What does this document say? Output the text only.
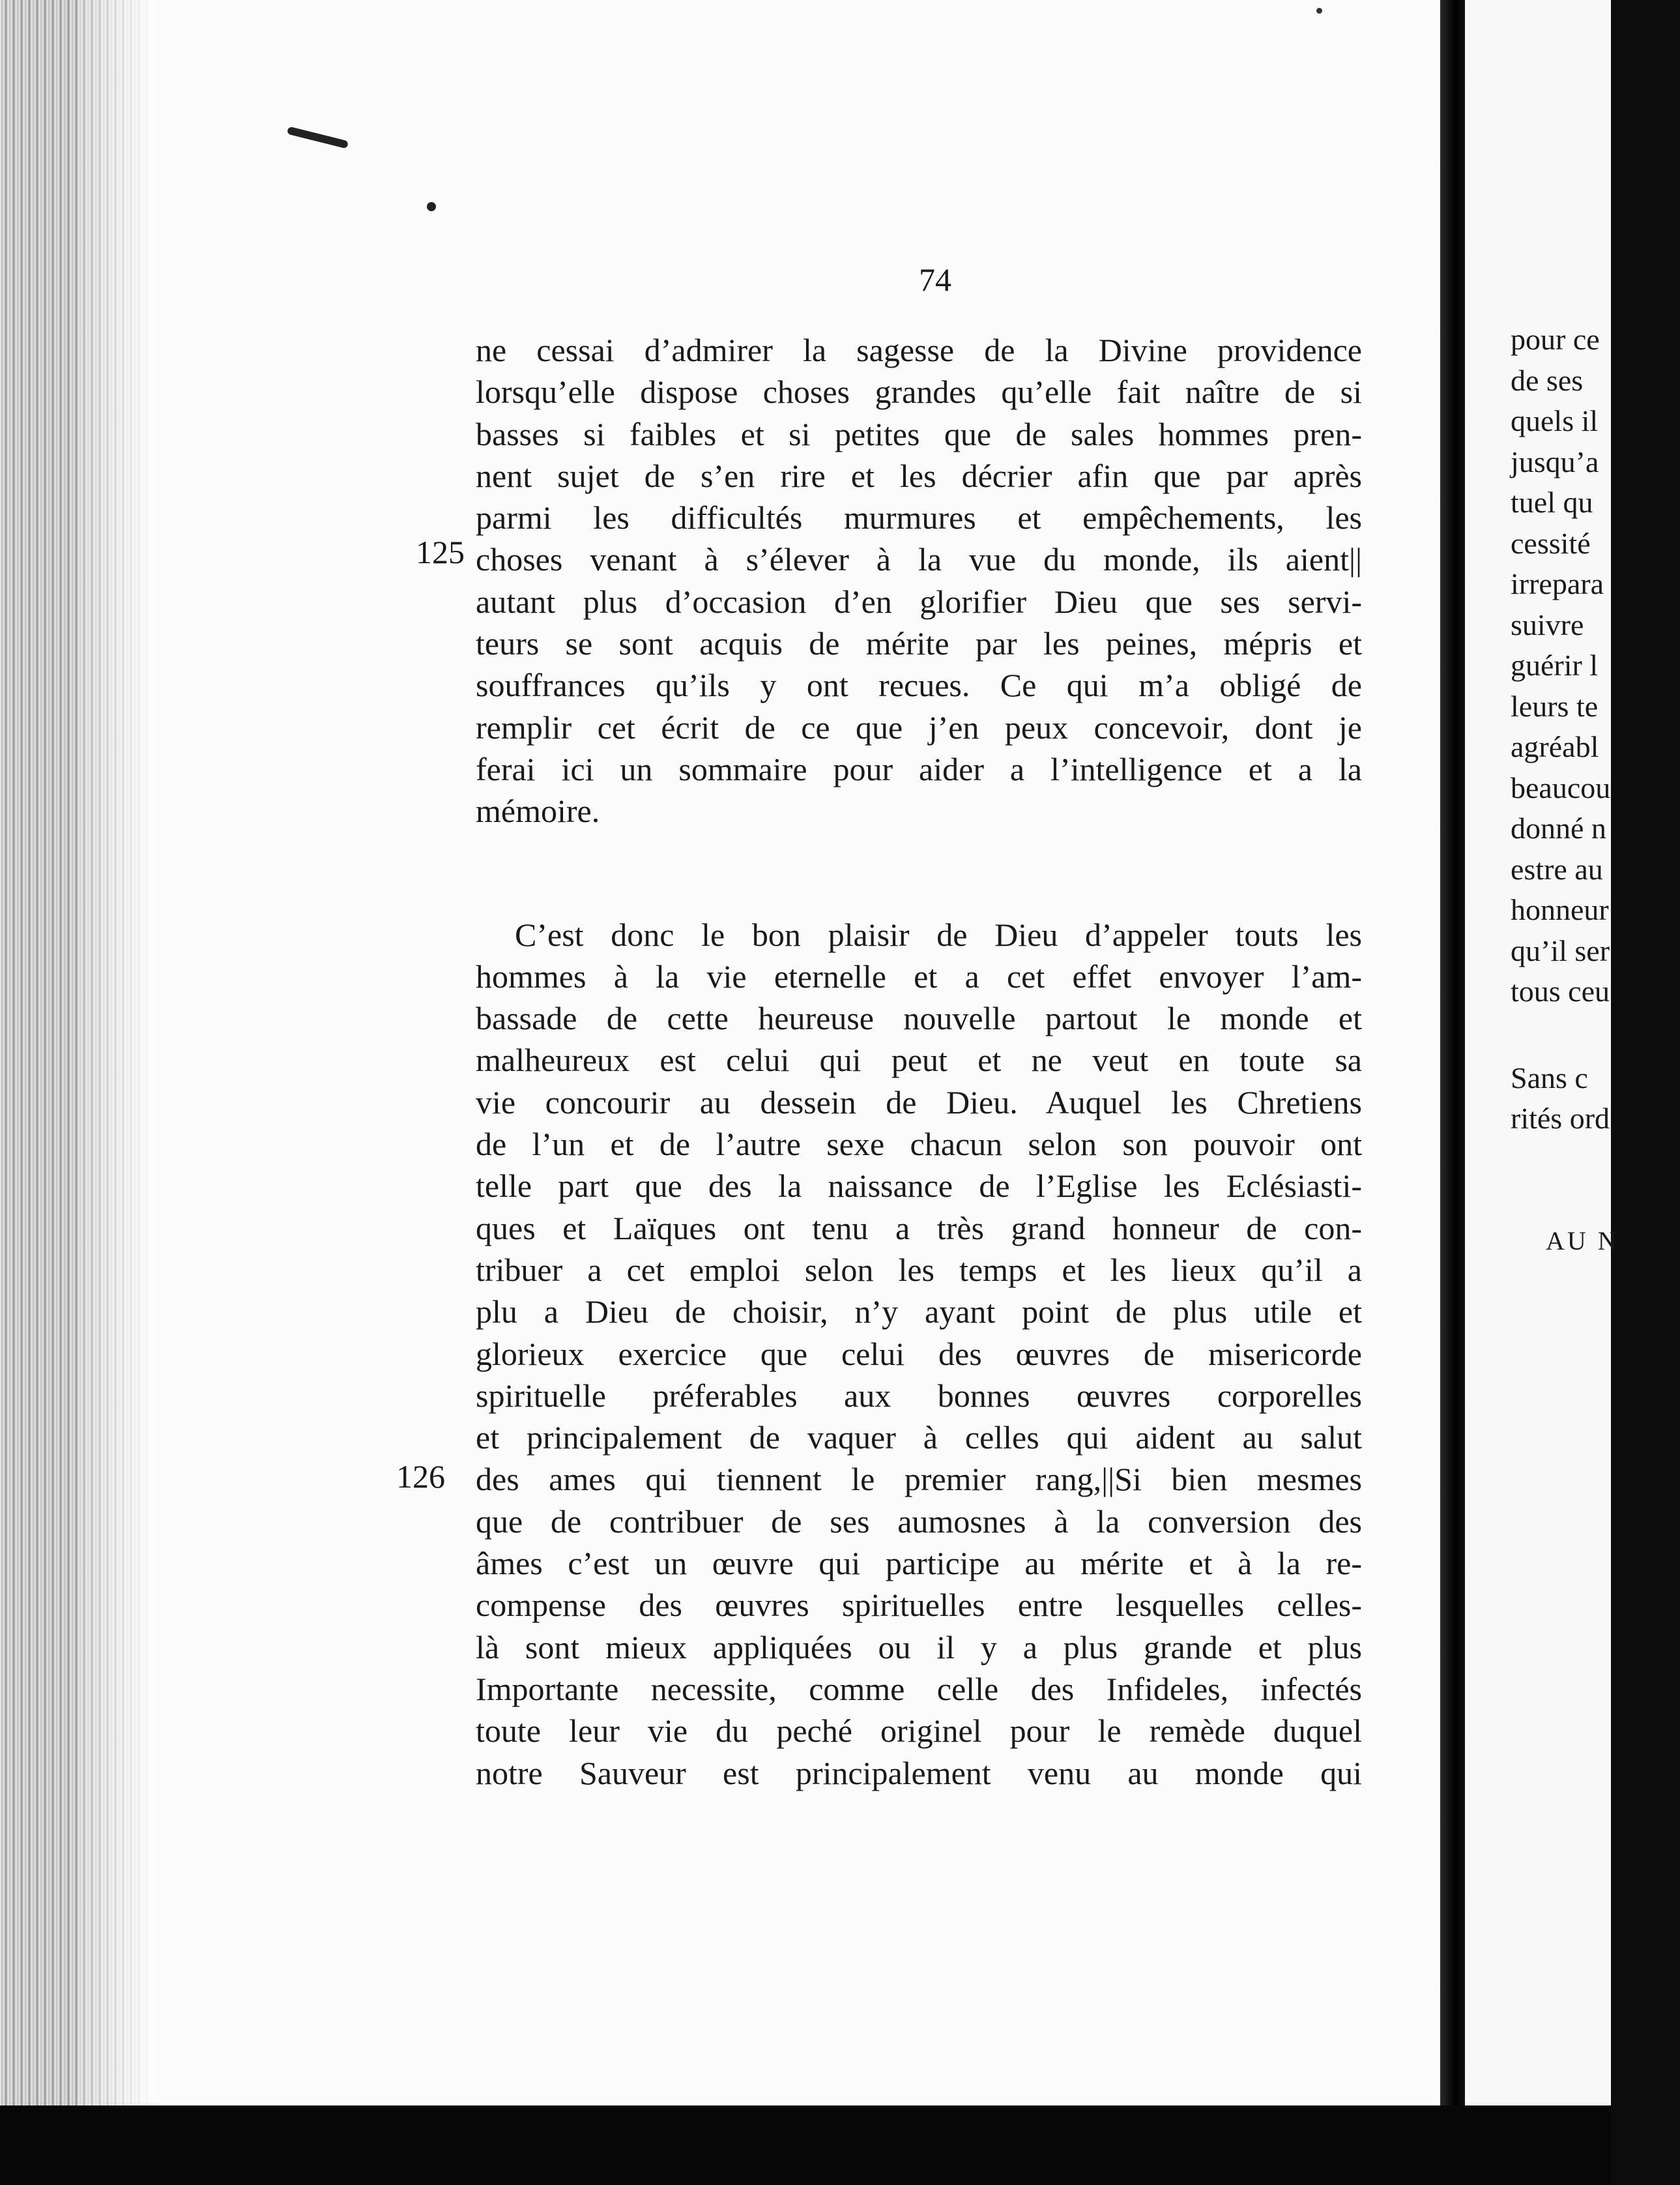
74
125
126
ne cessai d’admirer la sagesse de la Divine providence
lorsqu’elle dispose choses grandes qu’elle fait naître de si
basses si faibles et si petites que de sales hommes pren-
nent sujet de s’en rire et les décrier afin que par après
parmi les difficultés murmures et empêchements, les
choses venant à s’élever à la vue du monde, ils aient||
autant plus d’occasion d’en glorifier Dieu que ses servi-
teurs se sont acquis de mérite par les peines, mépris et
souffrances qu’ils y ont recues. Ce qui m’a obligé de
remplir cet écrit de ce que j’en peux concevoir, dont je
ferai ici un sommaire pour aider a l’intelligence et a la
mémoire.
C’est donc le bon plaisir de Dieu d’appeler touts les
hommes à la vie eternelle et a cet effet envoyer l’am-
bassade de cette heureuse nouvelle partout le monde et
malheureux est celui qui peut et ne veut en toute sa
vie concourir au dessein de Dieu. Auquel les Chretiens
de l’un et de l’autre sexe chacun selon son pouvoir ont
telle part que des la naissance de l’Eglise les Eclésiasti-
ques et Laïques ont tenu a très grand honneur de con-
tribuer a cet emploi selon les temps et les lieux qu’il a
plu a Dieu de choisir, n’y ayant point de plus utile et
glorieux exercice que celui des œuvres de misericorde
spirituelle préferables aux bonnes œuvres corporelles
et principalement de vaquer à celles qui aident au salut
des ames qui tiennent le premier rang,||Si bien mesmes
que de contribuer de ses aumosnes à la conversion des
âmes c’est un œuvre qui participe au mérite et à la re-
compense des œuvres spirituelles entre lesquelles celles-
là sont mieux appliquées ou il y a plus grande et plus
Importante necessite, comme celle des Infideles, infectés
toute leur vie du peché originel pour le remède duquel
notre Sauveur est principalement venu au monde qui
pour ce
de ses
quels il
jusqu’a
tuel qu
cessité
irrepara
suivre
guérir l
leurs te
agréabl
beaucou
donné n
estre au
honneur
qu’il ser
tous ceu
Sans c
rités ord
AU N
